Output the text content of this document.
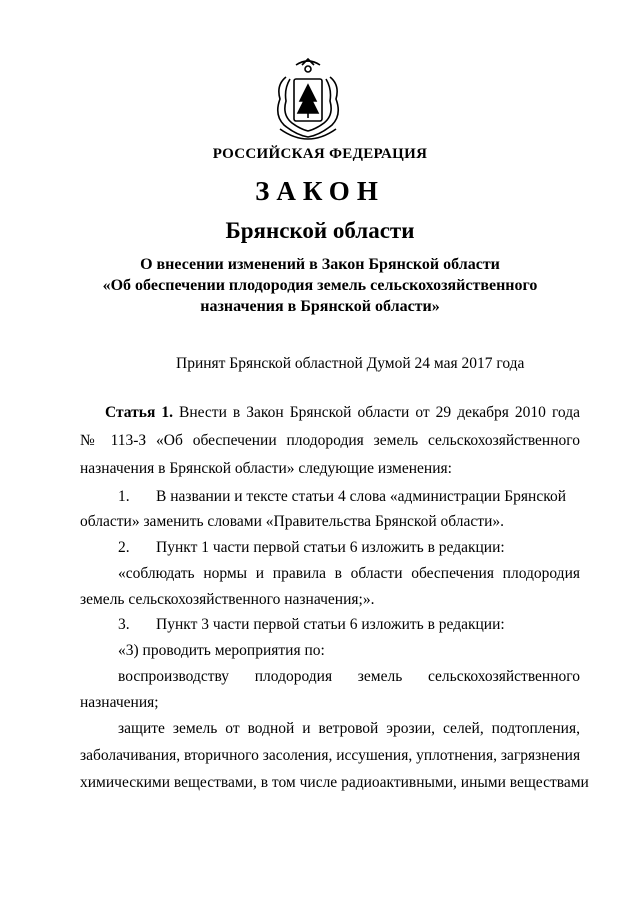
РОССИЙСКАЯ ФЕДЕРАЦИЯ
ЗАКОН
Брянской области
О внесении изменений в Закон Брянской области
«Об обеспечении плодородия земель сельскохозяйственного
назначения в Брянской области»
Принят Брянской областной Думой 24 мая 2017 года
Статья 1. Внести в Закон Брянской области от 29 декабря 2010 года
№ 113-З «Об обеспечении плодородия земель сельскохозяйственного
назначения в Брянской области» следующие изменения:
1. В названии и тексте статьи 4 слова «администрации Брянской
области» заменить словами «Правительства Брянской области».
2. Пункт 1 части первой статьи 6 изложить в редакции:
«соблюдать нормы и правила в области обеспечения плодородия
земель сельскохозяйственного назначения;».
3. Пункт 3 части первой статьи 6 изложить в редакции:
«3) проводить мероприятия по:
воспроизводству плодородия земель сельскохозяйственного
назначения;
защите земель от водной и ветровой эрозии, селей, подтопления,
заболачивания, вторичного засоления, иссушения, уплотнения, загрязнения
химическими веществами, в том числе радиоактивными, иными веществами
